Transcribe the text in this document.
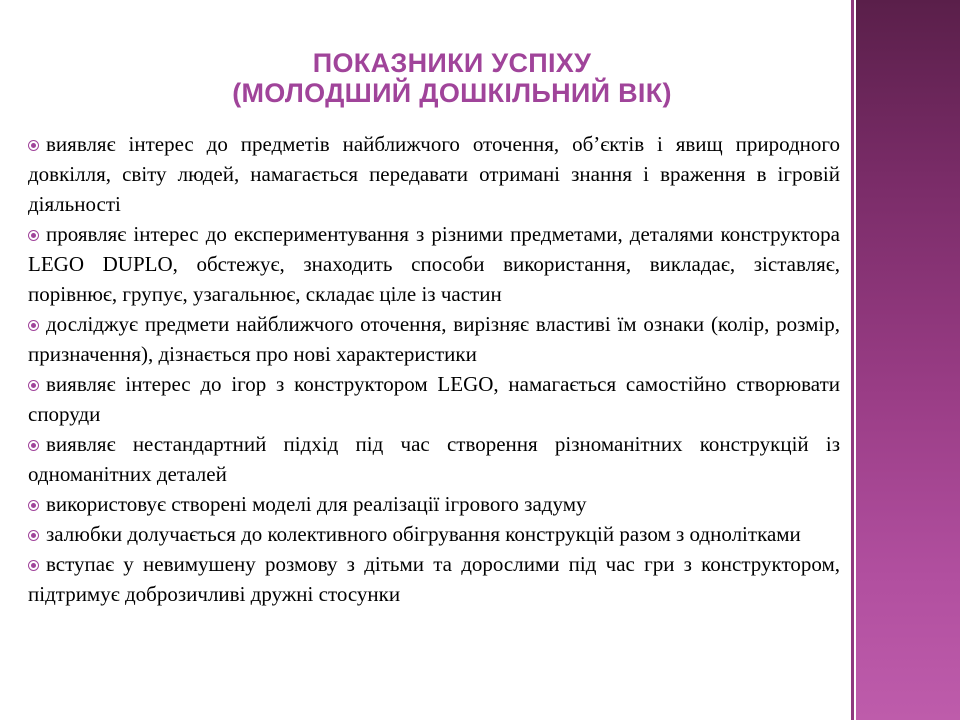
ПОКАЗНИКИ УСПІХУ
(МОЛОДШИЙ ДОШКІЛЬНИЙ ВІК)
виявляє інтерес до предметів найближчого оточення, об’єктів і явищ природного довкілля, світу людей, намагається передавати отримані знання і враження в ігровій діяльності
проявляє інтерес до експериментування з різними предметами, деталями конструктора LEGO DUPLO, обстежує, знаходить способи використання, викладає, зіставляє, порівнює, групує, узагальнює, складає ціле із частин
досліджує предмети найближчого оточення, вирізняє властиві їм ознаки (колір, розмір, призначення), дізнається про нові характеристики
виявляє інтерес до ігор з конструктором LEGO, намагається самостійно створювати споруди
виявляє нестандартний підхід під час створення різноманітних конструкцій із одноманітних деталей
використовує створені моделі для реалізації ігрового задуму
залюбки долучається до колективного обігрування конструкцій разом з однолітками
вступає у невимушену розмову з дітьми та дорослими під час гри з конструктором, підтримує доброзичливі дружні стосунки
